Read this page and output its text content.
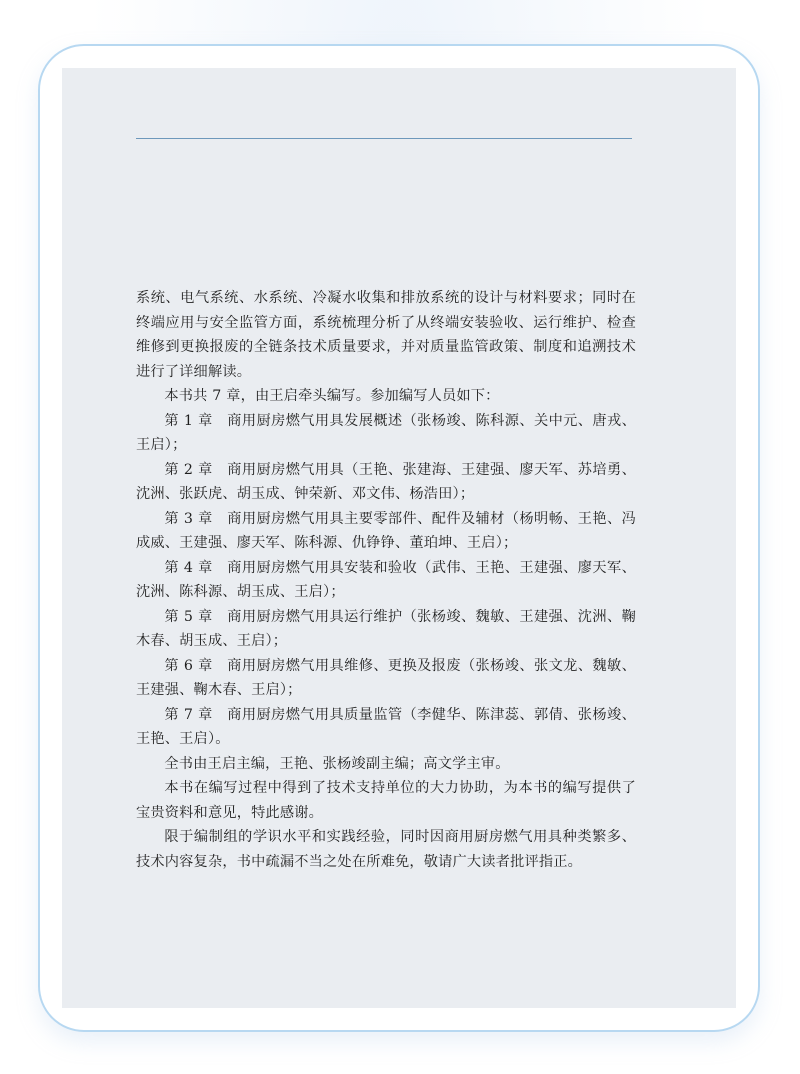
系统、电气系统、水系统、冷凝水收集和排放系统的设计与材料要求；同时在终端应用与安全监管方面，系统梳理分析了从终端安装验收、运行维护、检查维修到更换报废的全链条技术质量要求，并对质量监管政策、制度和追溯技术进行了详细解读。

本书共 7 章，由王启牵头编写。参加编写人员如下：

第 1 章　商用厨房燃气用具发展概述（张杨竣、陈科源、关中元、唐戎、王启）；

第 2 章　商用厨房燃气用具（王艳、张建海、王建强、廖天军、苏培勇、沈洲、张跃虎、胡玉成、钟荣新、邓文伟、杨浩田）；

第 3 章　商用厨房燃气用具主要零部件、配件及辅材（杨明畅、王艳、冯成威、王建强、廖天军、陈科源、仇铮铮、董珀坤、王启）；

第 4 章　商用厨房燃气用具安装和验收（武伟、王艳、王建强、廖天军、沈洲、陈科源、胡玉成、王启）；

第 5 章　商用厨房燃气用具运行维护（张杨竣、魏敏、王建强、沈洲、鞠木春、胡玉成、王启）；

第 6 章　商用厨房燃气用具维修、更换及报废（张杨竣、张文龙、魏敏、王建强、鞠木春、王启）；

第 7 章　商用厨房燃气用具质量监管（李健华、陈津蕊、郭倩、张杨竣、王艳、王启）。

全书由王启主编，王艳、张杨竣副主编；高文学主审。

本书在编写过程中得到了技术支持单位的大力协助，为本书的编写提供了宝贵资料和意见，特此感谢。

限于编制组的学识水平和实践经验，同时因商用厨房燃气用具种类繁多、技术内容复杂，书中疏漏不当之处在所难免，敬请广大读者批评指正。
